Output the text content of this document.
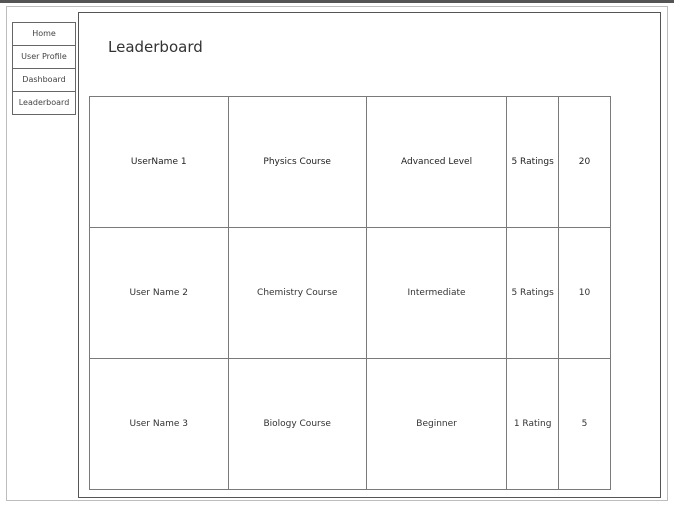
Home
User Profile
Dashboard
Leaderboard
Leaderboard
UserName 1	Physics Course	Advanced Level	5 Ratings	20
User Name 2	Chemistry Course	Intermediate	5 Ratings	10
User Name 3	Biology Course	Beginner	1 Rating	5
